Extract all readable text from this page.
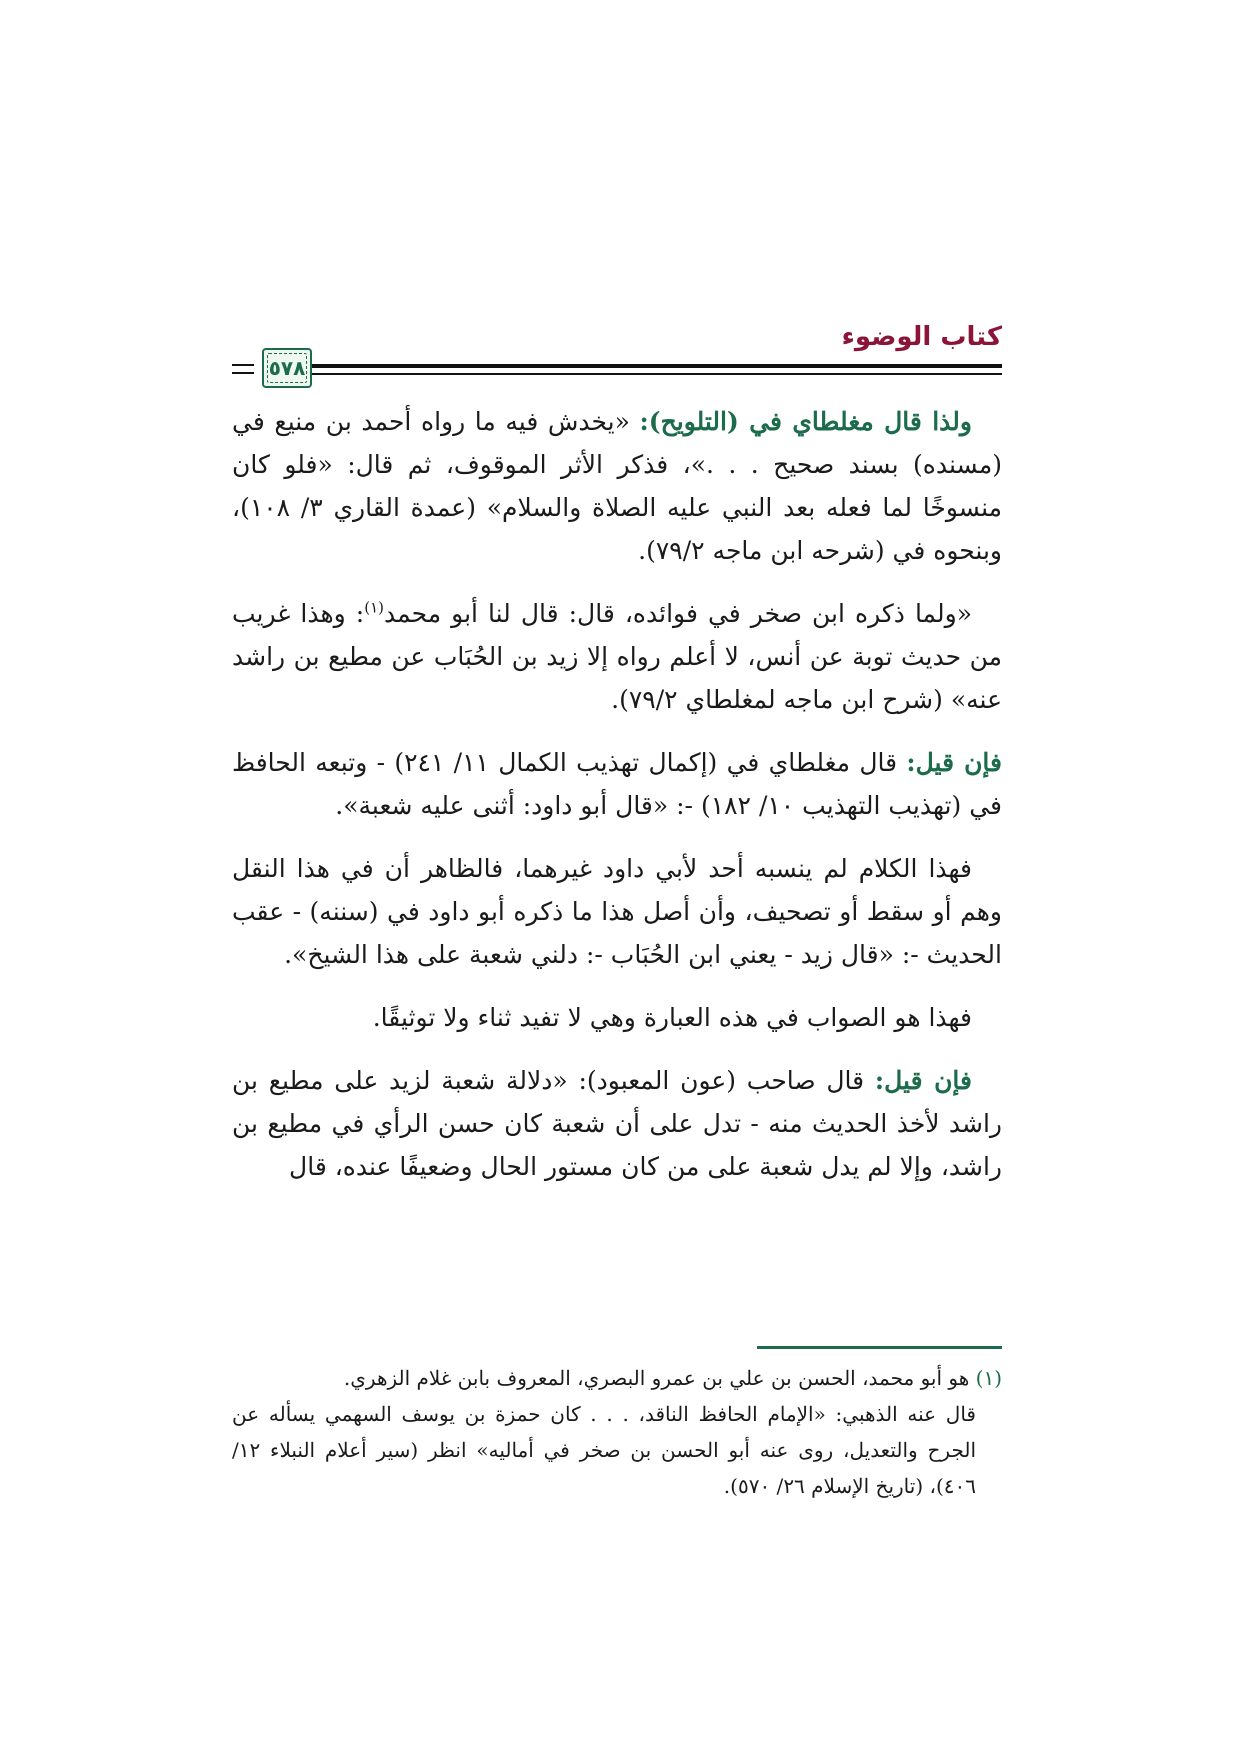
كتاب الوضوء
٥٧٨

ولذا قال مغلطاي في (التلويح): «يخدش فيه ما رواه أحمد بن منيع في (مسنده) بسند صحيح . . .»، فذكر الأثر الموقوف، ثم قال: «فلو كان منسوخًا لما فعله بعد النبي عليه الصلاة والسلام» (عمدة القاري ٣/ ١٠٨)، وبنحوه في (شرحه ابن ماجه ٧٩/٢).

«ولما ذكره ابن صخر في فوائده، قال: قال لنا أبو محمد$^{(١)}$: وهذا غريب من حديث توبة عن أنس، لا أعلم رواه إلا زيد بن الحُبَاب عن مطيع بن راشد عنه» (شرح ابن ماجه لمغلطاي ٧٩/٢).

فإن قيل: قال مغلطاي في (إكمال تهذيب الكمال ١١/ ٢٤١) - وتبعه الحافظ في (تهذيب التهذيب ١٠/ ١٨٢) -: «قال أبو داود: أثنى عليه شعبة».

فهذا الكلام لم ينسبه أحد لأبي داود غيرهما، فالظاهر أن في هذا النقل وهم أو سقط أو تصحيف، وأن أصل هذا ما ذكره أبو داود في (سننه) - عقب الحديث -: «قال زيد - يعني ابن الحُبَاب -: دلني شعبة على هذا الشيخ».

فهذا هو الصواب في هذه العبارة وهي لا تفيد ثناء ولا توثيقًا.

فإن قيل: قال صاحب (عون المعبود): «دلالة شعبة لزيد على مطيع بن راشد لأخذ الحديث منه - تدل على أن شعبة كان حسن الرأي في مطيع بن راشد، وإلا لم يدل شعبة على من كان مستور الحال وضعيفًا عنده، قال

(١) هو أبو محمد، الحسن بن علي بن عمرو البصري، المعروف بابن غلام الزهري.

قال عنه الذهبي: «الإمام الحافظ الناقد، . . . كان حمزة بن يوسف السهمي يسأله عن الجرح والتعديل، روى عنه أبو الحسن بن صخر في أماليه» انظر (سير أعلام النبلاء ١٢/ ٤٠٦)، (تاريخ الإسلام ٢٦/ ٥٧٠).
